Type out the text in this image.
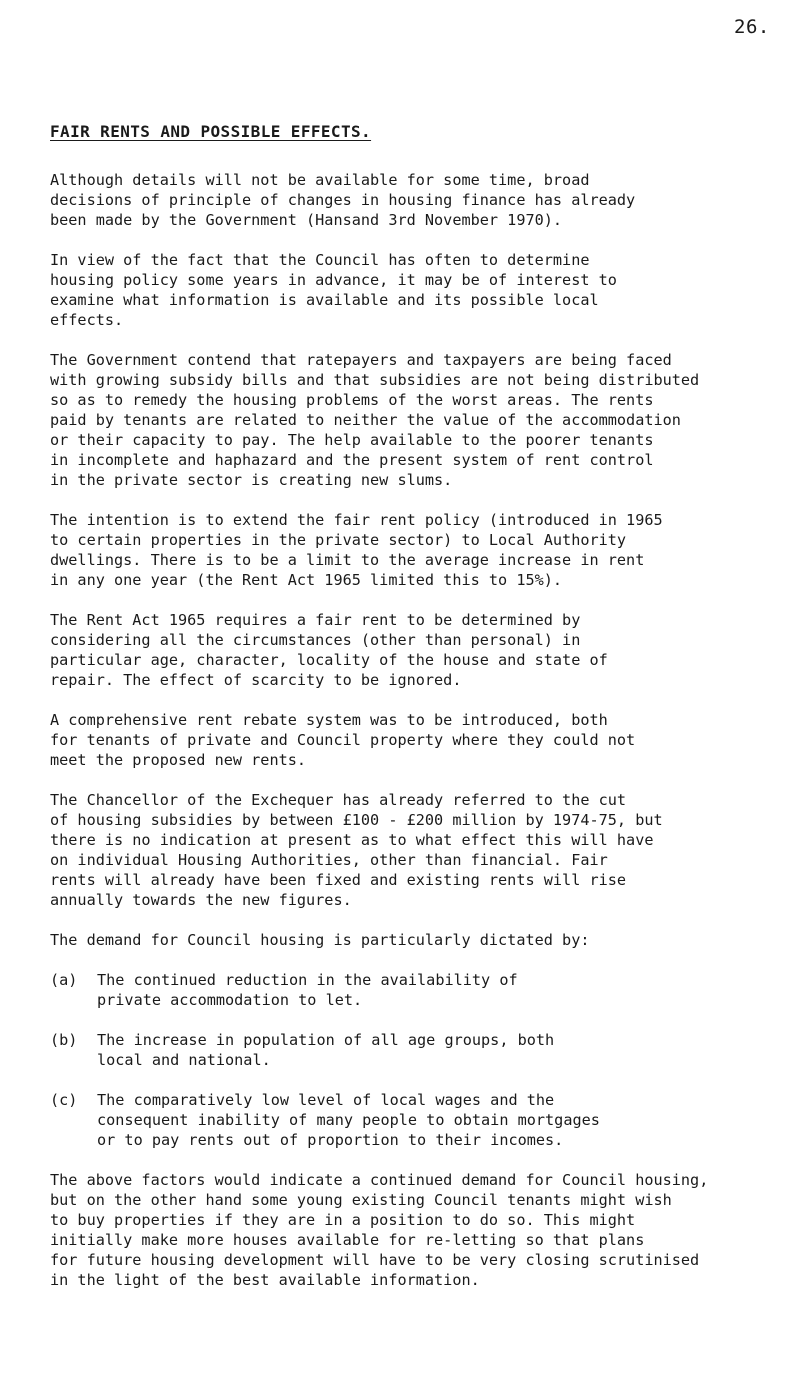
26.
FAIR RENTS AND POSSIBLE EFFECTS.

Although details will not be available for some time, broad
decisions of principle of changes in housing finance has already
been made by the Government (Hansand 3rd November 1970).

In view of the fact that the Council has often to determine
housing policy some years in advance, it may be of interest to
examine what information is available and its possible local
effects.

The Government contend that ratepayers and taxpayers are being faced
with growing subsidy bills and that subsidies are not being distributed
so as to remedy the housing problems of the worst areas. The rents
paid by tenants are related to neither the value of the accommodation
or their capacity to pay. The help available to the poorer tenants
in incomplete and haphazard and the present system of rent control
in the private sector is creating new slums.

The intention is to extend the fair rent policy (introduced in 1965
to certain properties in the private sector) to Local Authority
dwellings. There is to be a limit to the average increase in rent
in any one year (the Rent Act 1965 limited this to 15%).

The Rent Act 1965 requires a fair rent to be determined by
considering all the circumstances (other than personal) in
particular age, character, locality of the house and state of
repair. The effect of scarcity to be ignored.

A comprehensive rent rebate system was to be introduced, both
for tenants of private and Council property where they could not
meet the proposed new rents.

The Chancellor of the Exchequer has already referred to the cut
of housing subsidies by between £100 - £200 million by 1974-75, but
there is no indication at present as to what effect this will have
on individual Housing Authorities, other than financial. Fair
rents will already have been fixed and existing rents will rise
annually towards the new figures.

The demand for Council housing is particularly dictated by:

(a)	The continued reduction in the availability of
private accommodation to let.
(b)	The increase in population of all age groups, both
local and national.
(c)	The comparatively low level of local wages and the
consequent inability of many people to obtain mortgages
or to pay rents out of proportion to their incomes.

The above factors would indicate a continued demand for Council housing,
but on the other hand some young existing Council tenants might wish
to buy properties if they are in a position to do so. This might
initially make more houses available for re-letting so that plans
for future housing development will have to be very closing scrutinised
in the light of the best available information.
